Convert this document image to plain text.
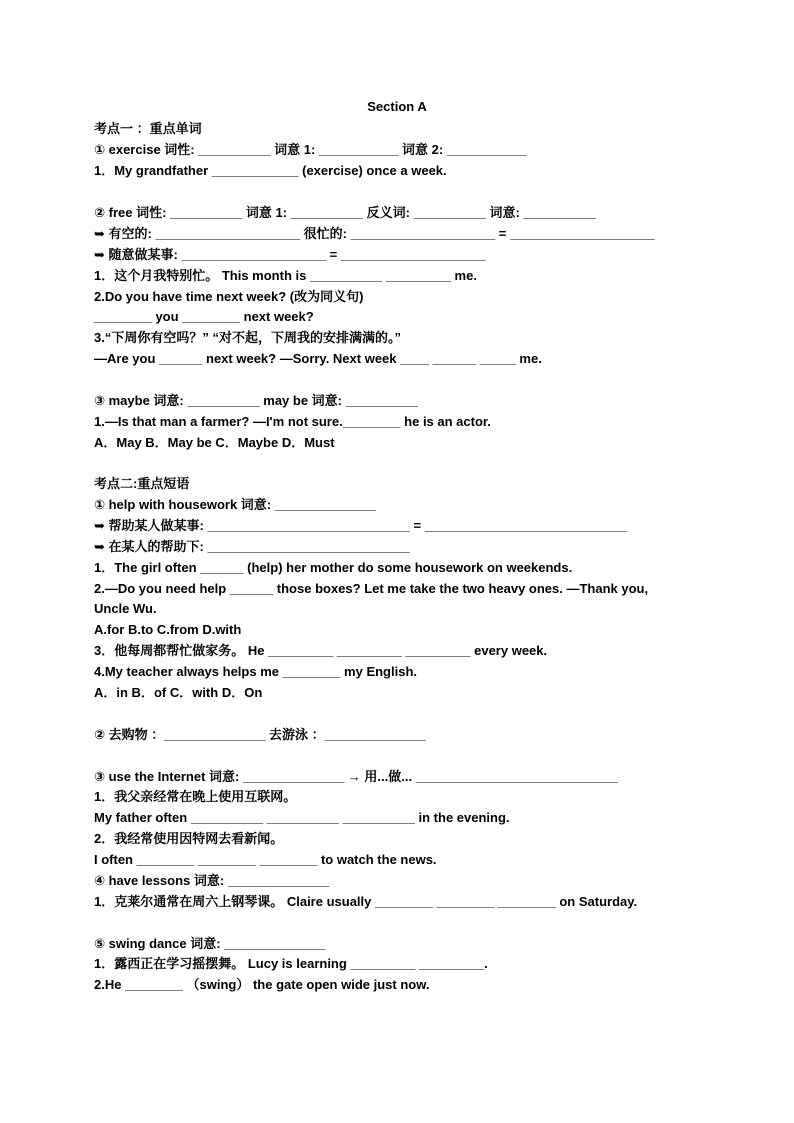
Section A
考点一 ：重点单词
① exercise 词性: __________ 词意 1: ___________ 词意 2: ___________
1．My grandfather ____________ (exercise) once a week.
② free 词性: __________ 词意 1: __________ 反义词: __________ 词意: __________
➥ 有空的: ____________________ 很忙的: ____________________ = ____________________
➥ 随意做某事: ____________________ = ____________________
1．这个月我特别忙。 This month is __________ _________ me.
2.Do you have time next week? (改为同义句)
________ you ________ next week?
3.“下周你有空吗？” “对不起，下周我的安排满满的。”
—Are you ______ next week? —Sorry. Next week ____ ______ _____ me.
③ maybe 词意: __________ may be 词意: __________
1.—Is that man a farmer? —I'm not sure.________ he is an actor.
A．May B．May be C．Maybe D．Must
考点二:重点短语
① help with housework 词意: ______________
➥ 帮助某人做某事: ____________________________ = ____________________________
➥ 在某人的帮助下: ____________________________
1．The girl often ______ (help) her mother do some housework on weekends.
2.—Do you need help ______ those boxes? Let me take the two heavy ones. —Thank you,
Uncle Wu.
A.for B.to C.from D.with
3．他每周都帮忙做家务。 He _________ _________ _________ every week.
4.My teacher always helps me ________ my English.
A．in B．of C．with D．On
② 去购物 ：______________ 去游泳 ：______________
③ use the Internet 词意: ______________ → 用...做... ____________________________
1．我父亲经常在晚上使用互联网。
My father often __________ __________ __________ in the evening.
2．我经常使用因特网去看新闻。
I often ________ ________ ________ to watch the news.
④ have lessons 词意: ______________
1．克莱尔通常在周六上钢琴课。 Claire usually ________ ________ ________ on Saturday.
⑤ swing dance 词意: ______________
1．露西正在学习摇摆舞。 Lucy is learning _________ _________.
2.He ________ （swing） the gate open wide just now.
